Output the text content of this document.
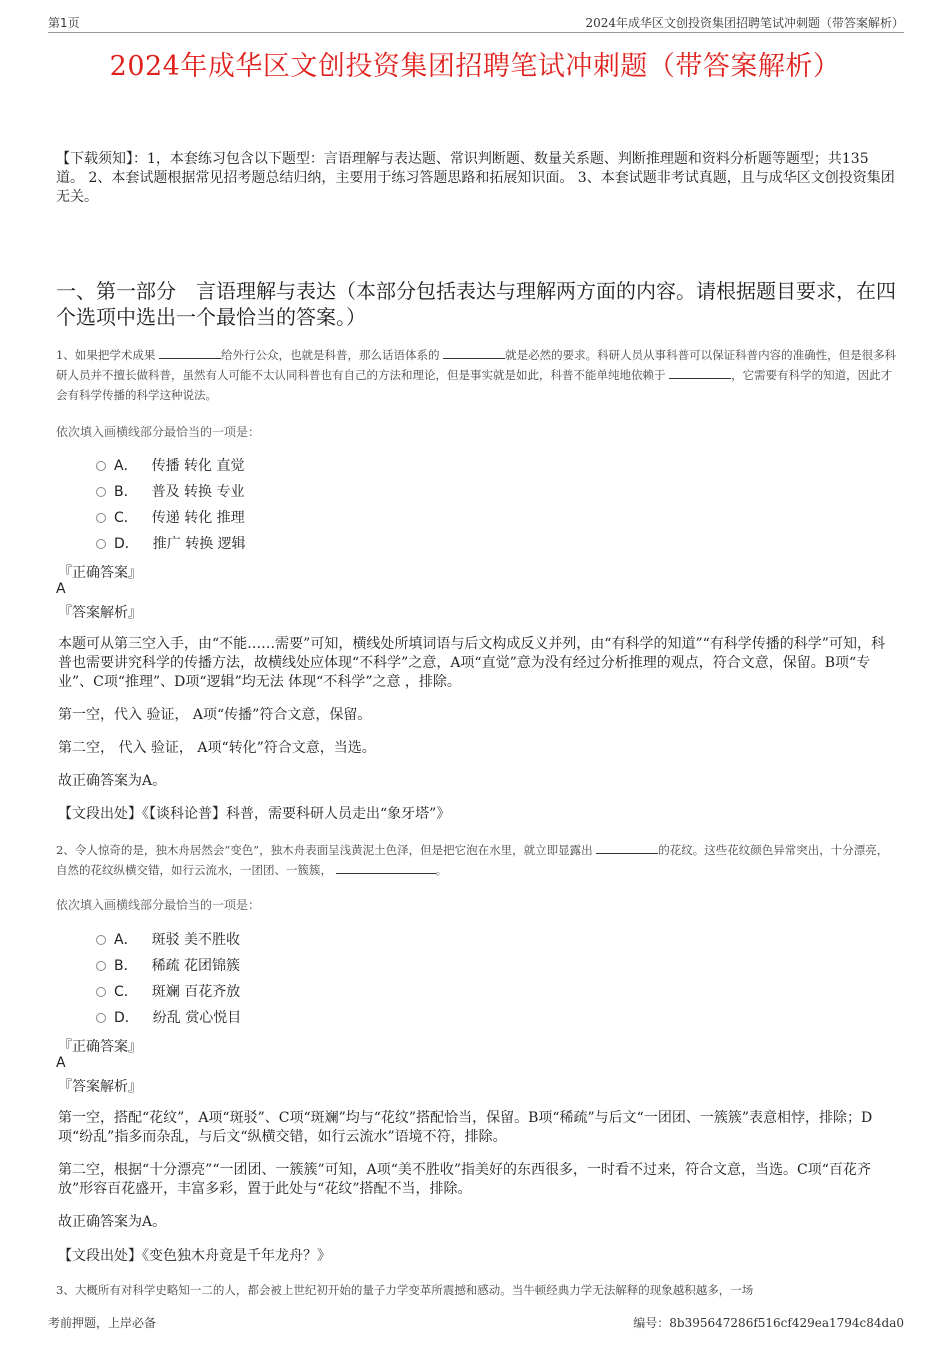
第1页	2024年成华区文创投资集团招聘笔试冲刺题（带答案解析）
2024年成华区文创投资集团招聘笔试冲刺题（带答案解析）
【下载须知】：1，本套练习包含以下题型：言语理解与表达题、常识判断题、数量关系题、判断推理题和资料分析题等题型；共135道。 2、本套试题根据常见招考题总结归纳，主要用于练习答题思路和拓展知识面。 3、本套试题非考试真题，且与成华区文创投资集团无关。
一、第一部分　言语理解与表达（本部分包括表达与理解两方面的内容。请根据题目要求，在四个选项中选出一个最恰当的答案。）
1、如果把学术成果	给外行公众，也就是科普，那么话语体系的	就是必然的要求。科研人员从事科普可以保证科普内容的准确性，但是很多科研人员并不擅长做科普，虽然有人可能不太认同科普也有自己的方法和理论，但是事实就是如此，科普不能单纯地依赖于	，它需要有科学的知道，因此才会有科学传播的科学这种说法。
依次填入画横线部分最恰当的一项是：
A． 传播 转化 直觉
B． 普及 转换 专业
C． 传递 转化 推理
D． 推广 转换 逻辑
『正确答案』
A
『答案解析』
本题可从第三空入手，由“不能……需要”可知，横线处所填词语与后文构成反义并列，由“有科学的知道”“有科学传播的科学”可知，科普也需要讲究科学的传播方法，故横线处应体现“不科学”之意，A项“直觉”意为没有经过分析推理的观点，符合文意，保留。B项“专业”、C项“推理”、D项“逻辑”均无法 体现“不科学”之意 ，排除。
第一空，代入 验证， A项“传播”符合文意，保留。
第二空， 代入 验证， A项“转化”符合文意，当选。
故正确答案为A。
【文段出处】《【谈科论普】科普，需要科研人员走出“象牙塔”》
2、令人惊奇的是，独木舟居然会“变色”，独木舟表面呈浅黄泥土色泽，但是把它泡在水里，就立即显露出	的花纹。这些花纹颜色异常突出，十分漂亮，自然的花纹纵横交错，如行云流水，一团团、一簇簇，	。
依次填入画横线部分最恰当的一项是：
A． 斑驳 美不胜收
B． 稀疏 花团锦簇
C． 斑斓 百花齐放
D． 纷乱 赏心悦目
『正确答案』
A
『答案解析』
第一空，搭配“花纹”，A项“斑驳”、C项“斑斓”均与“花纹”搭配恰当，保留。B项“稀疏”与后文“一团团、一簇簇”表意相悖，排除；D项“纷乱”指多而杂乱，与后文“纵横交错，如行云流水”语境不符，排除。
第二空，根据“十分漂亮”“一团团、一簇簇”可知，A项“美不胜收”指美好的东西很多，一时看不过来，符合文意，当选。C项“百花齐放”形容百花盛开，丰富多彩，置于此处与“花纹”搭配不当，排除。
故正确答案为A。
【文段出处】《变色独木舟竟是千年龙舟？》
3、大概所有对科学史略知一二的人，都会被上世纪初开始的量子力学变革所震撼和感动。当牛顿经典力学无法解释的现象越积越多，一场
考前押题，上岸必备	编号：8b395647286f516cf429ea1794c84da0
